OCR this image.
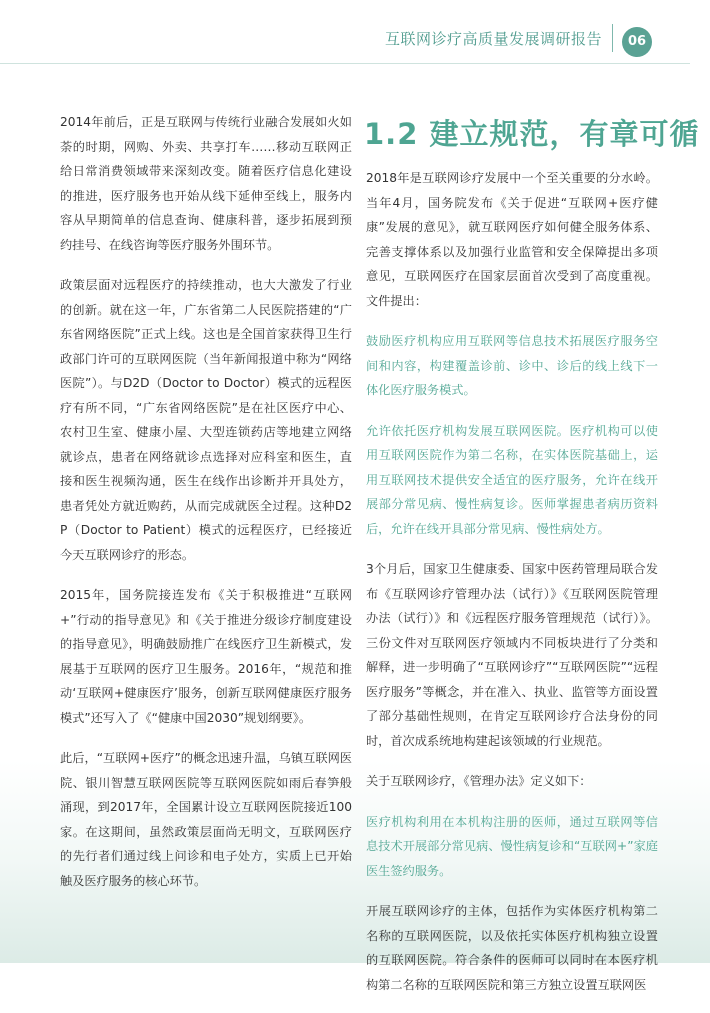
互联网诊疗高质量发展调研报告	06

2014年前后，正是互联网与传统行业融合发展如火如荼的时期，网购、外卖、共享打车……移动互联网正给日常消费领域带来深刻改变。随着医疗信息化建设的推进，医疗服务也开始从线下延伸至线上，服务内容从早期简单的信息查询、健康科普，逐步拓展到预约挂号、在线咨询等医疗服务外围环节。

政策层面对远程医疗的持续推动，也大大激发了行业的创新。就在这一年，广东省第二人民医院搭建的“广东省网络医院”正式上线。这也是全国首家获得卫生行政部门许可的互联网医院（当年新闻报道中称为“网络医院”）。与D2D（Doctor to Doctor）模式的远程医疗有所不同，“广东省网络医院”是在社区医疗中心、农村卫生室、健康小屋、大型连锁药店等地建立网络就诊点，患者在网络就诊点选择对应科室和医生，直接和医生视频沟通，医生在线作出诊断并开具处方，患者凭处方就近购药，从而完成就医全过程。这种D2P（Doctor to Patient）模式的远程医疗，已经接近今天互联网诊疗的形态。

2015年，国务院接连发布《关于积极推进“互联网+”行动的指导意见》和《关于推进分级诊疗制度建设的指导意见》，明确鼓励推广在线医疗卫生新模式，发展基于互联网的医疗卫生服务。2016年，“规范和推动‘互联网+健康医疗’服务，创新互联网健康医疗服务模式”还写入了《“健康中国2030”规划纲要》。

此后，“互联网+医疗”的概念迅速升温，乌镇互联网医院、银川智慧互联网医院等互联网医院如雨后春笋般涌现，到2017年，全国累计设立互联网医院接近100家。在这期间，虽然政策层面尚无明文，互联网医疗的先行者们通过线上问诊和电子处方，实质上已开始触及医疗服务的核心环节。

1.2 建立规范，有章可循

2018年是互联网诊疗发展中一个至关重要的分水岭。当年4月，国务院发布《关于促进“互联网+医疗健康”发展的意见》，就互联网医疗如何健全服务体系、完善支撑体系以及加强行业监管和安全保障提出多项意见，互联网医疗在国家层面首次受到了高度重视。文件提出：

鼓励医疗机构应用互联网等信息技术拓展医疗服务空间和内容，构建覆盖诊前、诊中、诊后的线上线下一体化医疗服务模式。

允许依托医疗机构发展互联网医院。医疗机构可以使用互联网医院作为第二名称，在实体医院基础上，运用互联网技术提供安全适宜的医疗服务，允许在线开展部分常见病、慢性病复诊。医师掌握患者病历资料后，允许在线开具部分常见病、慢性病处方。

3个月后，国家卫生健康委、国家中医药管理局联合发布《互联网诊疗管理办法（试行）》《互联网医院管理办法（试行）》和《远程医疗服务管理规范（试行）》。三份文件对互联网医疗领域内不同板块进行了分类和解释，进一步明确了“互联网诊疗”“互联网医院”“远程医疗服务”等概念，并在准入、执业、监管等方面设置了部分基础性规则，在肯定互联网诊疗合法身份的同时，首次成系统地构建起该领域的行业规范。

关于互联网诊疗，《管理办法》定义如下：

医疗机构利用在本机构注册的医师，通过互联网等信息技术开展部分常见病、慢性病复诊和“互联网+”家庭医生签约服务。

开展互联网诊疗的主体，包括作为实体医疗机构第二名称的互联网医院，以及依托实体医疗机构独立设置的互联网医院。符合条件的医师可以同时在本医疗机构第二名称的互联网医院和第三方独立设置互联网医
